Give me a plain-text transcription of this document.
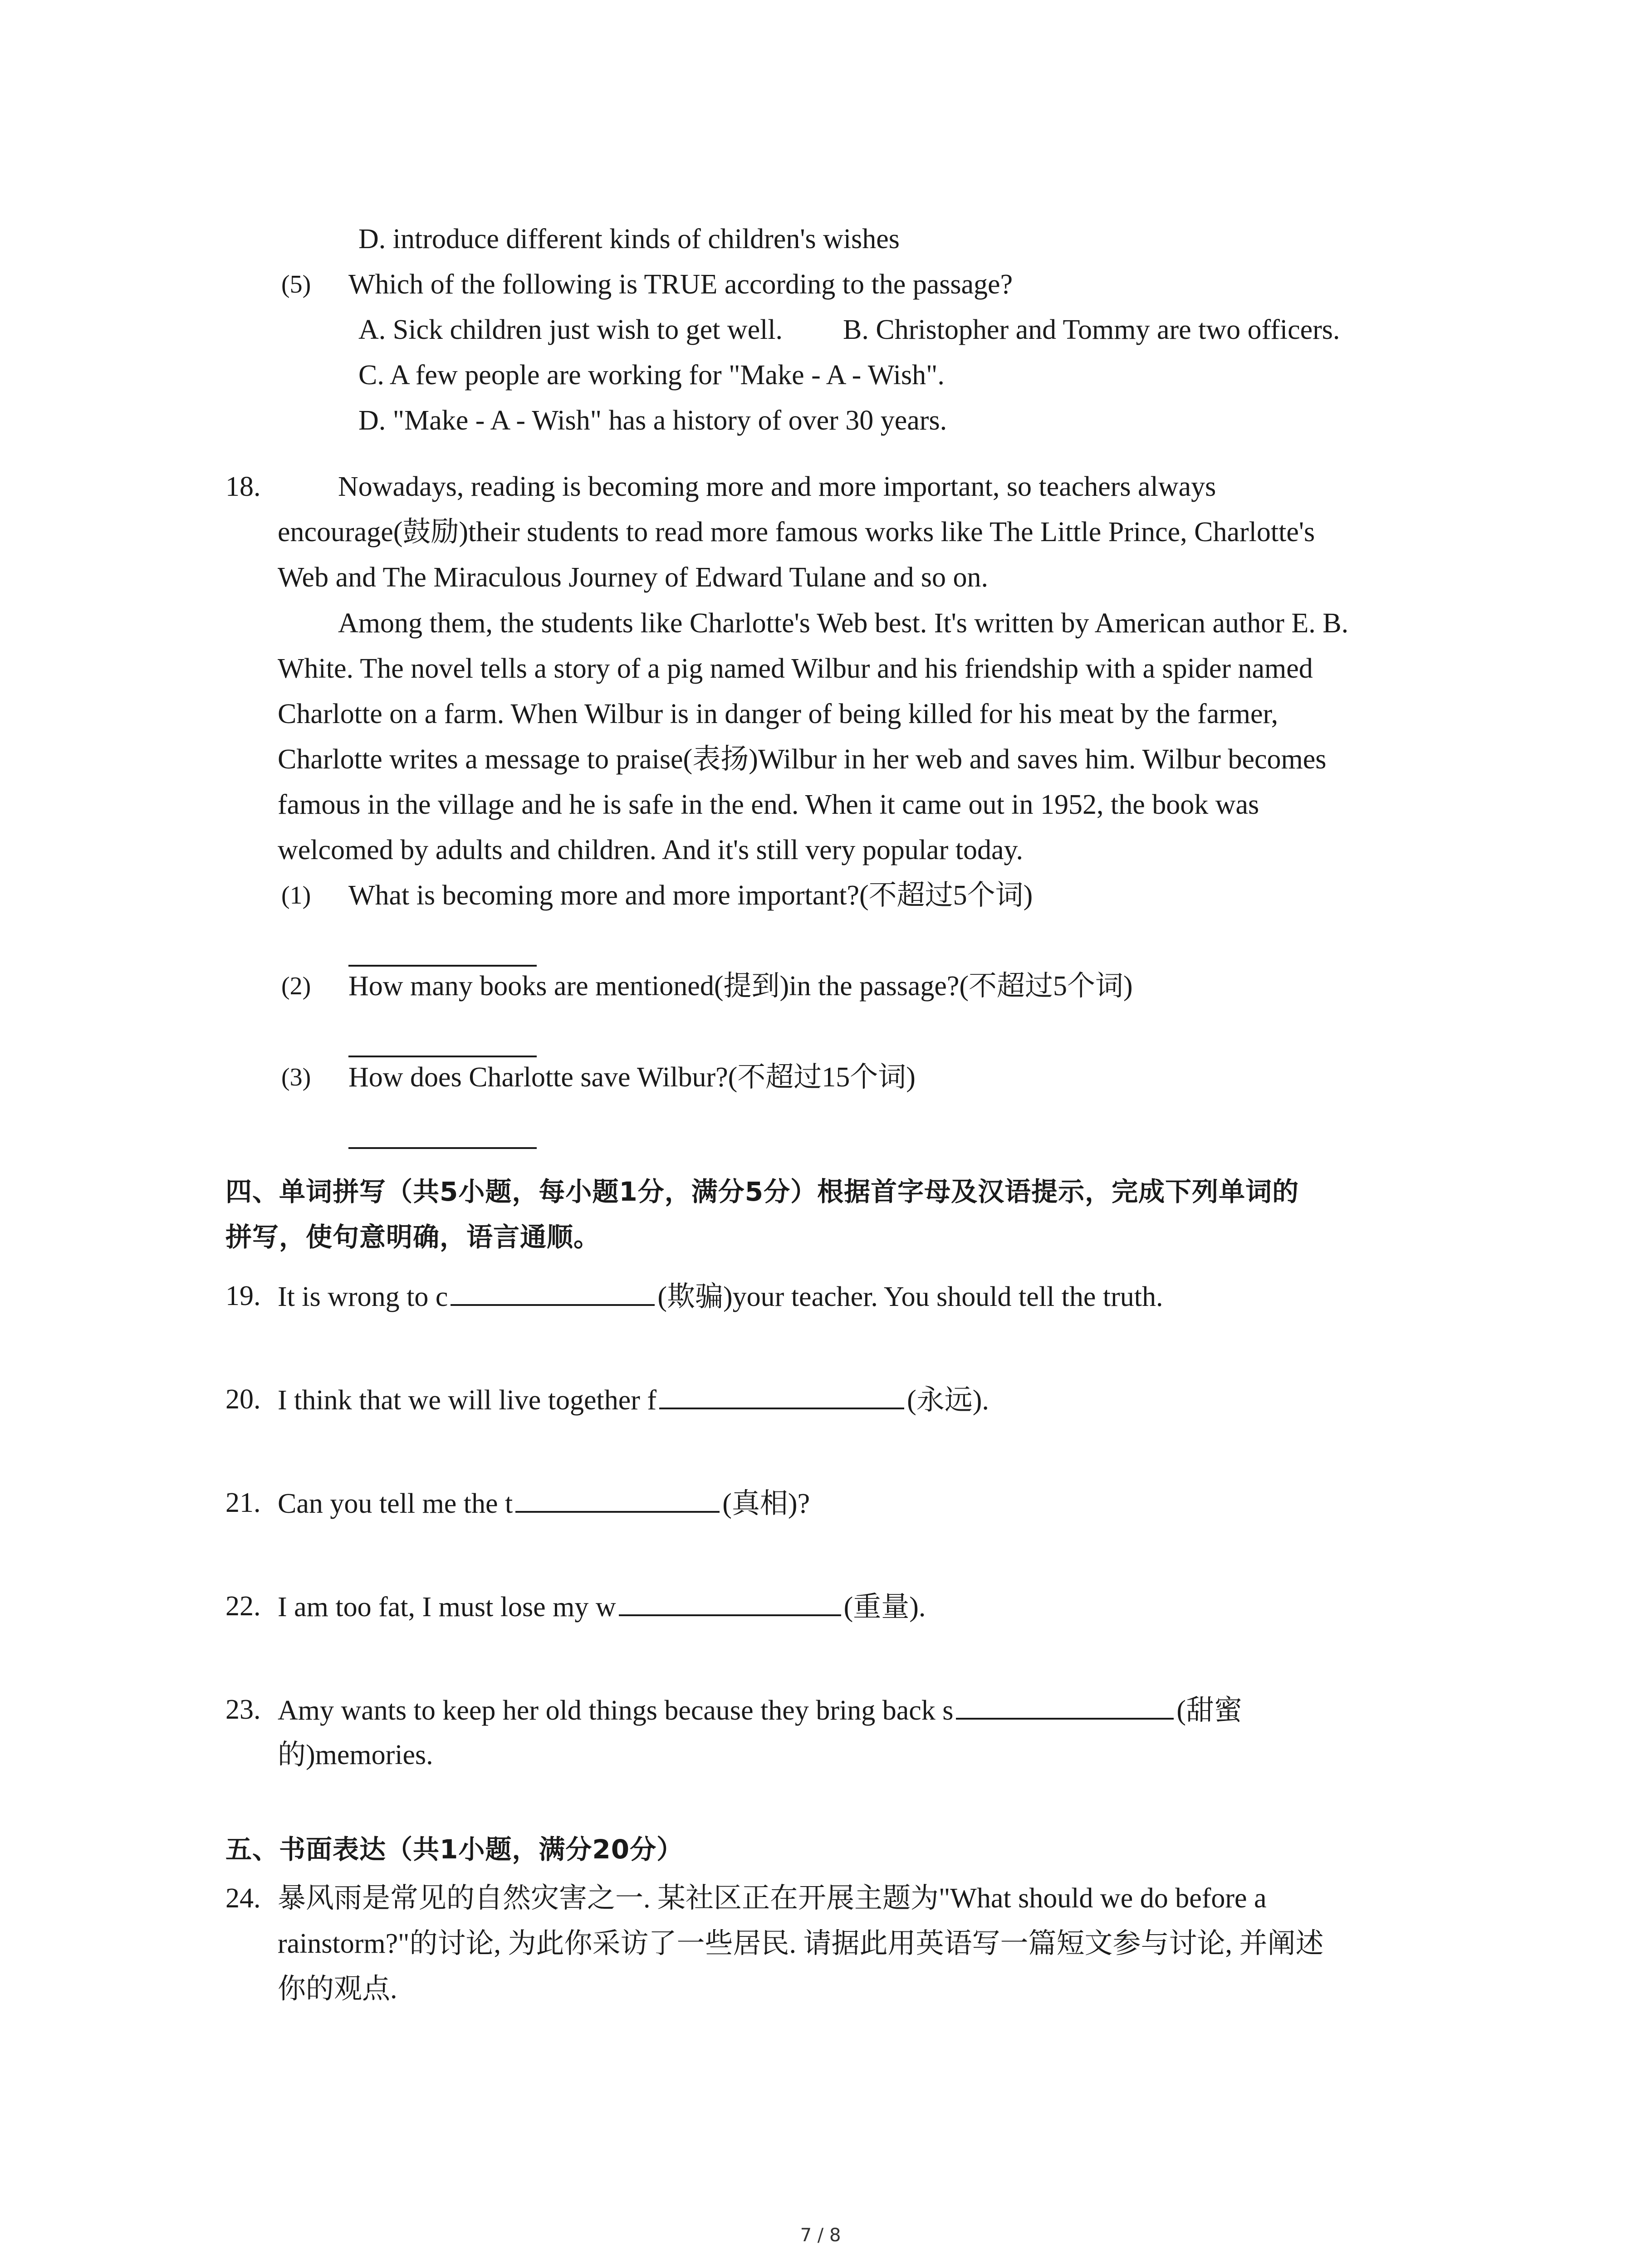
D. introduce different kinds of children's wishes
(5) Which of the following is TRUE according to the passage?
A. Sick children just wish to get well. B. Christopher and Tommy are two officers.
C. A few people are working for "Make - A - Wish".
D. "Make - A - Wish" has a history of over 30 years.
18.	Nowadays, reading is becoming more and more important, so teachers always
encourage(鼓励)their students to read more famous works like The Little Prince, Charlotte's
Web and The Miraculous Journey of Edward Tulane and so on.
Among them, the students like Charlotte's Web best. It's written by American author E. B.
White. The novel tells a story of a pig named Wilbur and his friendship with a spider named
Charlotte on a farm. When Wilbur is in danger of being killed for his meat by the farmer,
Charlotte writes a message to praise(表扬)Wilbur in her web and saves him. Wilbur becomes
famous in the village and he is safe in the end. When it came out in 1952, the book was
welcomed by adults and children. And it's still very popular today.
(1) What is becoming more and more important?(不超过5个词)
(2) How many books are mentioned(提到)in the passage?(不超过5个词)
(3) How does Charlotte save Wilbur?(不超过15个词)
四、单词拼写（共5小题，每小题1分，满分5分）根据首字母及汉语提示，完成下列单词的
拼写，使句意明确，语言通顺。
19. It is wrong to c	(欺骗)your teacher. You should tell the truth.
20. I think that we will live together f	(永远).
21. Can you tell me the t	(真相)?
22. I am too fat, I must lose my w	(重量).
23. Amy wants to keep her old things because they bring back s	(甜蜜
的)memories.
五、书面表达（共1小题，满分20分）
24. 暴风雨是常见的自然灾害之一. 某社区正在开展主题为"What should we do before a
rainstorm?"的讨论, 为此你采访了一些居民. 请据此用英语写一篇短文参与讨论, 并阐述
你的观点.
7 / 8
